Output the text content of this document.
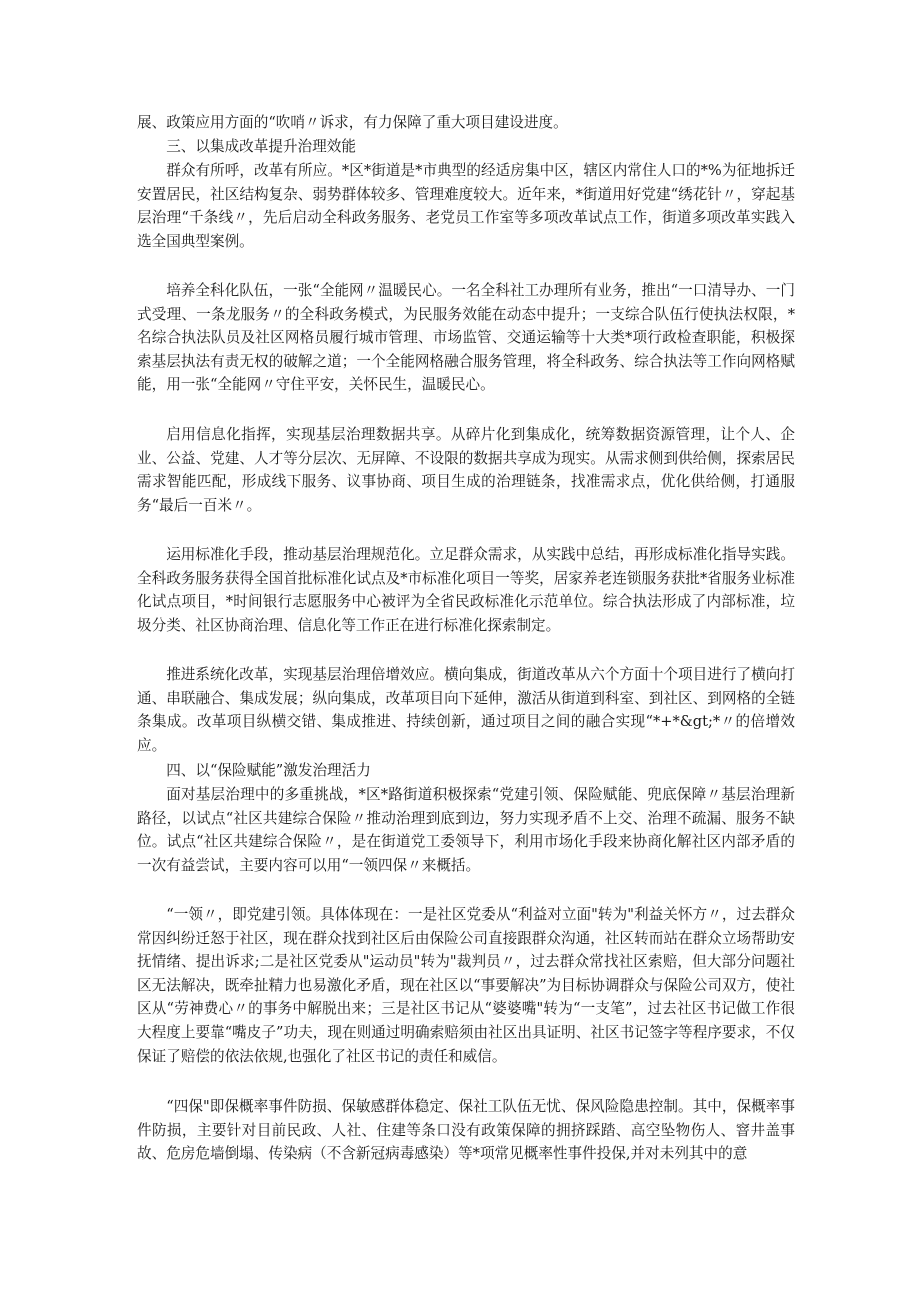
展、政策应用方面的“吹哨〃诉求，有力保障了重大项目建设进度。

三、以集成改革提升治理效能

群众有所呼，改革有所应。*区*街道是*市典型的经适房集中区，辖区内常住人口的*%为征地拆迁安置居民，社区结构复杂、弱势群体较多、管理难度较大。近年来，*街道用好党建“绣花针〃，穿起基层治理“千条线〃，先后启动全科政务服务、老党员工作室等多项改革试点工作，街道多项改革实践入选全国典型案例。

培养全科化队伍，一张“全能网〃温暖民心。一名全科社工办理所有业务，推出“一口清导办、一门式受理、一条龙服务〃的全科政务模式，为民服务效能在动态中提升；一支综合队伍行使执法权限，*名综合执法队员及社区网格员履行城市管理、市场监管、交通运输等十大类*项行政检查职能，积极探索基层执法有责无权的破解之道；一个全能网格融合服务管理，将全科政务、综合执法等工作向网格赋能，用一张“全能网〃守住平安，关怀民生，温暖民心。

启用信息化指挥，实现基层治理数据共享。从碎片化到集成化，统筹数据资源管理，让个人、企业、公益、党建、人才等分层次、无屏障、不设限的数据共享成为现实。从需求侧到供给侧，探索居民需求智能匹配，形成线下服务、议事协商、项目生成的治理链条，找准需求点，优化供给侧，打通服务“最后一百米〃。

运用标准化手段，推动基层治理规范化。立足群众需求，从实践中总结，再形成标准化指导实践。全科政务服务获得全国首批标准化试点及*市标准化项目一等奖，居家养老连锁服务获批*省服务业标准化试点项目，*时间银行志愿服务中心被评为全省民政标准化示范单位。综合执法形成了内部标准，垃圾分类、社区协商治理、信息化等工作正在进行标准化探索制定。

推进系统化改革，实现基层治理倍增效应。横向集成，街道改革从六个方面十个项目进行了横向打通、串联融合、集成发展；纵向集成，改革项目向下延伸，激活从街道到科室、到社区、到网格的全链条集成。改革项目纵横交错、集成推进、持续创新，通过项目之间的融合实现“*+*&gt;*〃的倍增效应。

四、以“保险赋能”激发治理活力

面对基层治理中的多重挑战，*区*路街道积极探索“党建引领、保险赋能、兜底保障〃基层治理新路径，以试点“社区共建综合保险〃推动治理到底到边，努力实现矛盾不上交、治理不疏漏、服务不缺位。试点“社区共建综合保险〃，是在街道党工委领导下，利用市场化手段来协商化解社区内部矛盾的一次有益尝试，主要内容可以用“一领四保〃来概括。

“一领〃，即党建引领。具体体现在：一是社区党委从“利益对立面"转为"利益关怀方〃，过去群众常因纠纷迁怒于社区，现在群众找到社区后由保险公司直接跟群众沟通，社区转而站在群众立场帮助安抚情绪、提出诉求;二是社区党委从"运动员"转为"裁判员〃，过去群众常找社区索赔，但大部分问题社区无法解决，既牵扯精力也易激化矛盾，现在社区以“事要解决”为目标协调群众与保险公司双方，使社区从“劳神费心〃的事务中解脱出来；三是社区书记从“婆婆嘴"转为“一支笔”，过去社区书记做工作很大程度上要靠“嘴皮子”功夫，现在则通过明确索赔须由社区出具证明、社区书记签字等程序要求，不仅保证了赔偿的依法依规,也强化了社区书记的责任和威信。

“四保"即保概率事件防损、保敏感群体稳定、保社工队伍无忧、保风险隐患控制。其中，保概率事件防损，主要针对目前民政、人社、住建等条口没有政策保障的拥挤踩踏、高空坠物伤人、窨井盖事故、危房危墙倒塌、传染病（不含新冠病毒感染）等*项常见概率性事件投保,并对未列其中的意
